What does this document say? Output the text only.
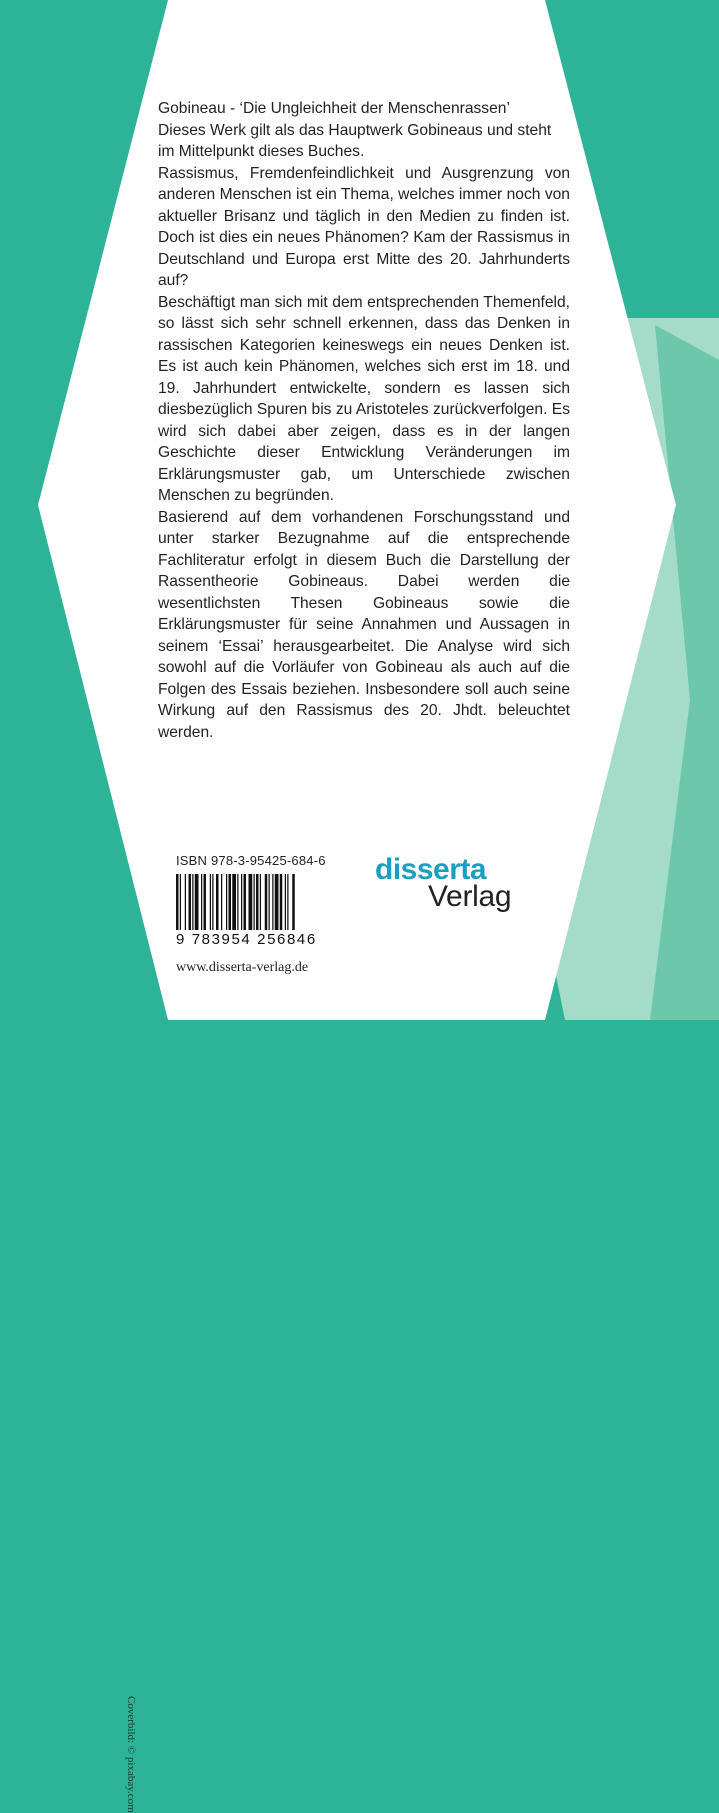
Gobineau - ‘Die Ungleichheit der Menschenrassen’

Dieses Werk gilt als das Hauptwerk Gobineaus und steht im Mittelpunkt dieses Buches.

Rassismus, Fremdenfeindlichkeit und Ausgrenzung von anderen Menschen ist ein Thema, welches immer noch von aktueller Brisanz und täglich in den Medien zu finden ist. Doch ist dies ein neues Phänomen? Kam der Rassismus in Deutschland und Europa erst Mitte des 20. Jahrhunderts auf?

Beschäftigt man sich mit dem entsprechenden Themenfeld, so lässt sich sehr schnell erkennen, dass das Denken in rassischen Kategorien keineswegs ein neues Denken ist. Es ist auch kein Phänomen, welches sich erst im 18. und 19. Jahrhundert entwickelte, sondern es lassen sich diesbezüglich Spuren bis zu Aristoteles zurückverfolgen. Es wird sich dabei aber zeigen, dass es in der langen Geschichte dieser Entwicklung Veränderungen im Erklärungsmuster gab, um Unterschiede zwischen Menschen zu begründen.

Basierend auf dem vorhandenen Forschungsstand und unter starker Bezugnahme auf die entsprechende Fachliteratur erfolgt in diesem Buch die Darstellung der Rassentheorie Gobineaus. Dabei werden die wesentlichsten Thesen Gobineaus sowie die Erklärungsmuster für seine Annahmen und Aussagen in seinem ‘Essai’ herausgearbeitet. Die Analyse wird sich sowohl auf die Vorläufer von Gobineau als auch auf die Folgen des Essais beziehen. Insbesondere soll auch seine Wirkung auf den Rassismus des 20. Jhdt. beleuchtet werden.

Coverbild: © pixabay.com
ISBN 978-3-95425-684-6
9 783954 256846
www.disserta-verlag.de
disserta
Verlag
